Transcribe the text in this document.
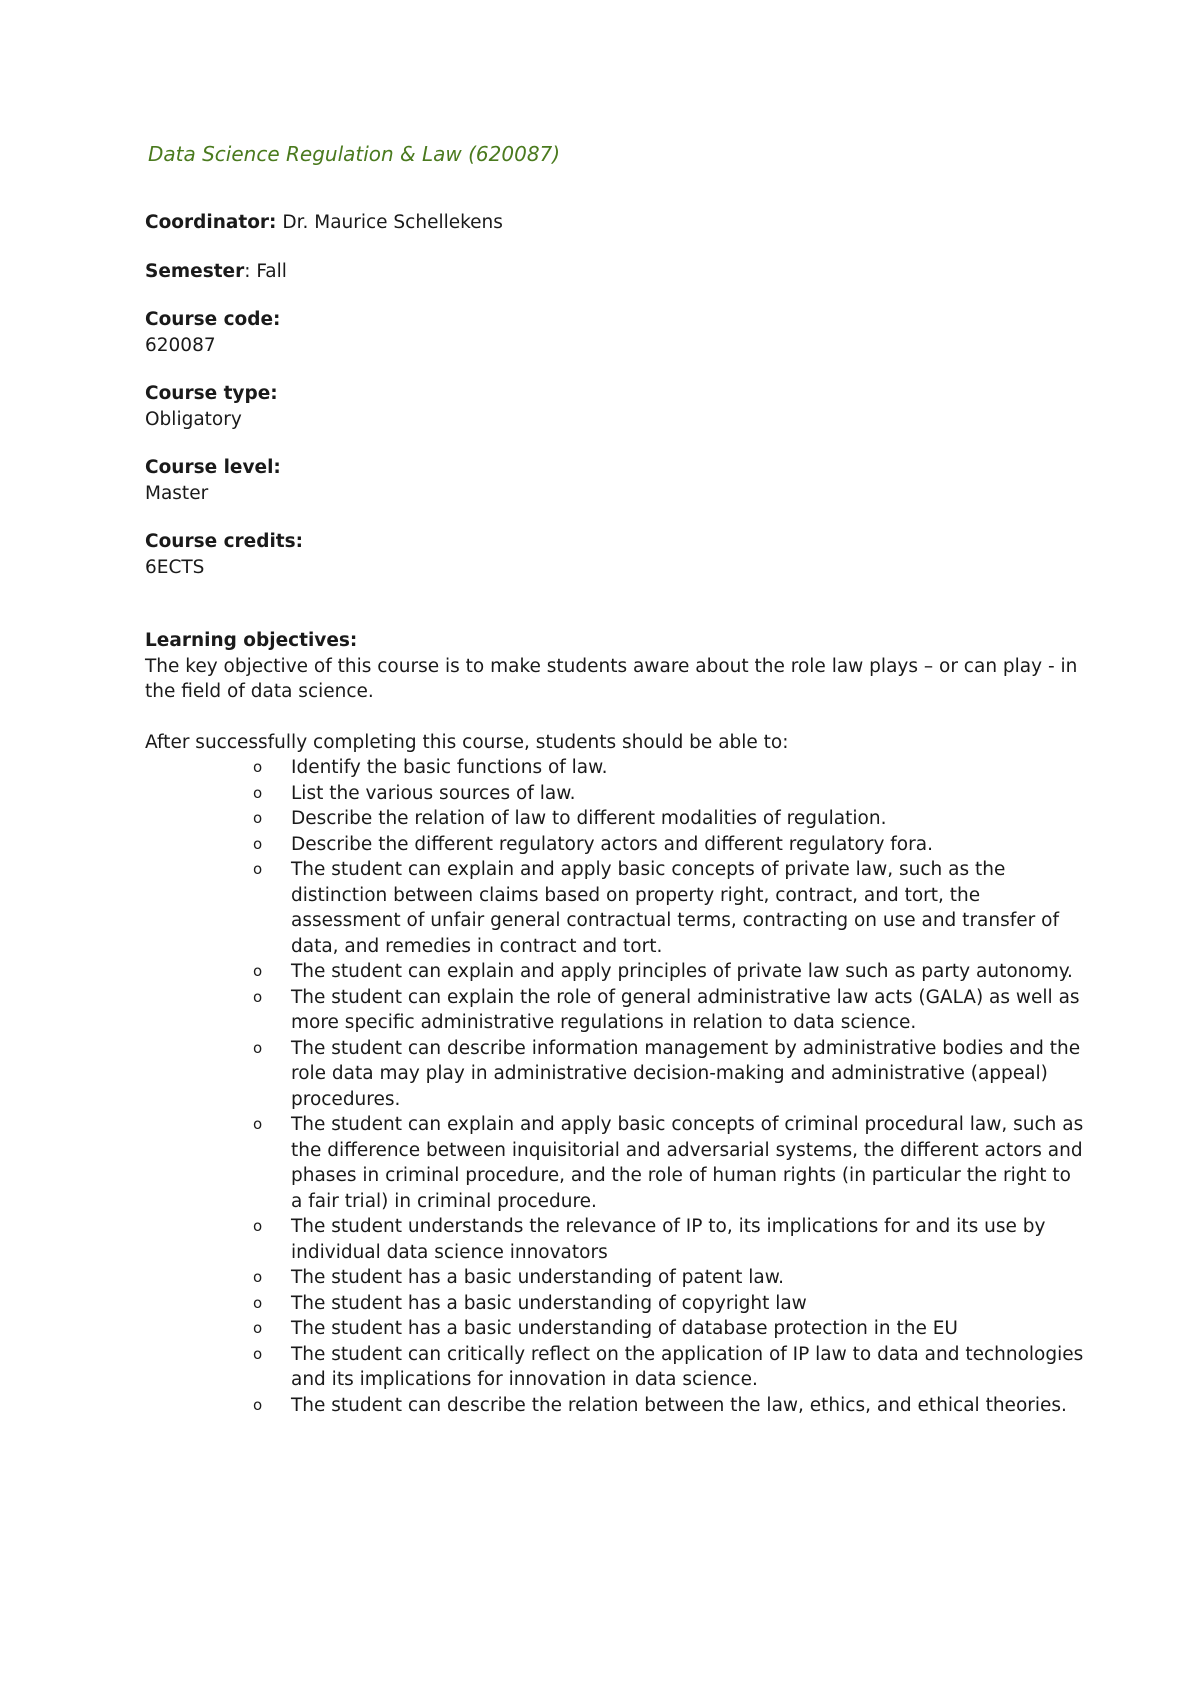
Data Science Regulation & Law (620087)
Coordinator: Dr. Maurice Schellekens
Semester: Fall
Course code:
620087
Course type:
Obligatory
Course level:
Master
Course credits:
6ECTS
Learning objectives:
The key objective of this course is to make students aware about the role law plays – or can play - in the field of data science.
After successfully completing this course, students should be able to:
o Identify the basic functions of law.
o List the various sources of law.
o Describe the relation of law to different modalities of regulation.
o Describe the different regulatory actors and different regulatory fora.
o The student can explain and apply basic concepts of private law, such as the distinction between claims based on property right, contract, and tort, the assessment of unfair general contractual terms, contracting on use and transfer of data, and remedies in contract and tort.
o The student can explain and apply principles of private law such as party autonomy.
o The student can explain the role of general administrative law acts (GALA) as well as more specific administrative regulations in relation to data science.
o The student can describe information management by administrative bodies and the role data may play in administrative decision-making and administrative (appeal) procedures.
o The student can explain and apply basic concepts of criminal procedural law, such as the difference between inquisitorial and adversarial systems, the different actors and phases in criminal procedure, and the role of human rights (in particular the right to a fair trial) in criminal procedure.
o The student understands the relevance of IP to, its implications for and its use by individual data science innovators
o The student has a basic understanding of patent law.
o The student has a basic understanding of copyright law
o The student has a basic understanding of database protection in the EU
o The student can critically reflect on the application of IP law to data and technologies and its implications for innovation in data science.
o The student can describe the relation between the law, ethics, and ethical theories.
